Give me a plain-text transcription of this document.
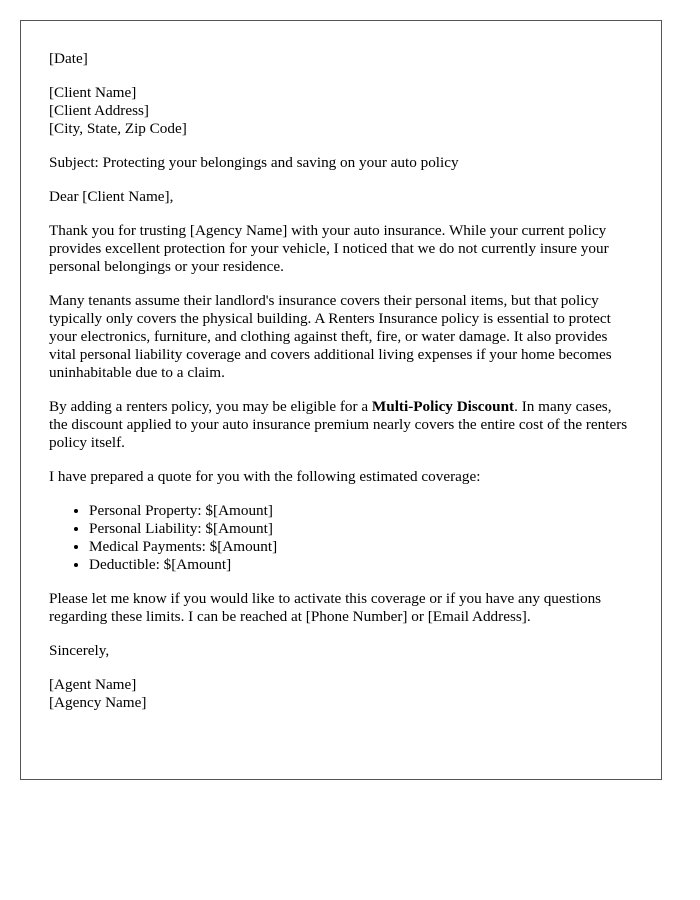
[Date]

[Client Name]
[Client Address]
[City, State, Zip Code]

Subject: Protecting your belongings and saving on your auto policy

Dear [Client Name],

Thank you for trusting [Agency Name] with your auto insurance. While your current policy provides excellent protection for your vehicle, I noticed that we do not currently insure your personal belongings or your residence.

Many tenants assume their landlord's insurance covers their personal items, but that policy typically only covers the physical building. A Renters Insurance policy is essential to protect your electronics, furniture, and clothing against theft, fire, or water damage. It also provides vital personal liability coverage and covers additional living expenses if your home becomes uninhabitable due to a claim.

By adding a renters policy, you may be eligible for a Multi-Policy Discount. In many cases, the discount applied to your auto insurance premium nearly covers the entire cost of the renters policy itself.

I have prepared a quote for you with the following estimated coverage:

• Personal Property: $[Amount]
• Personal Liability: $[Amount]
• Medical Payments: $[Amount]
• Deductible: $[Amount]

Please let me know if you would like to activate this coverage or if you have any questions regarding these limits. I can be reached at [Phone Number] or [Email Address].

Sincerely,

[Agent Name]
[Agency Name]
